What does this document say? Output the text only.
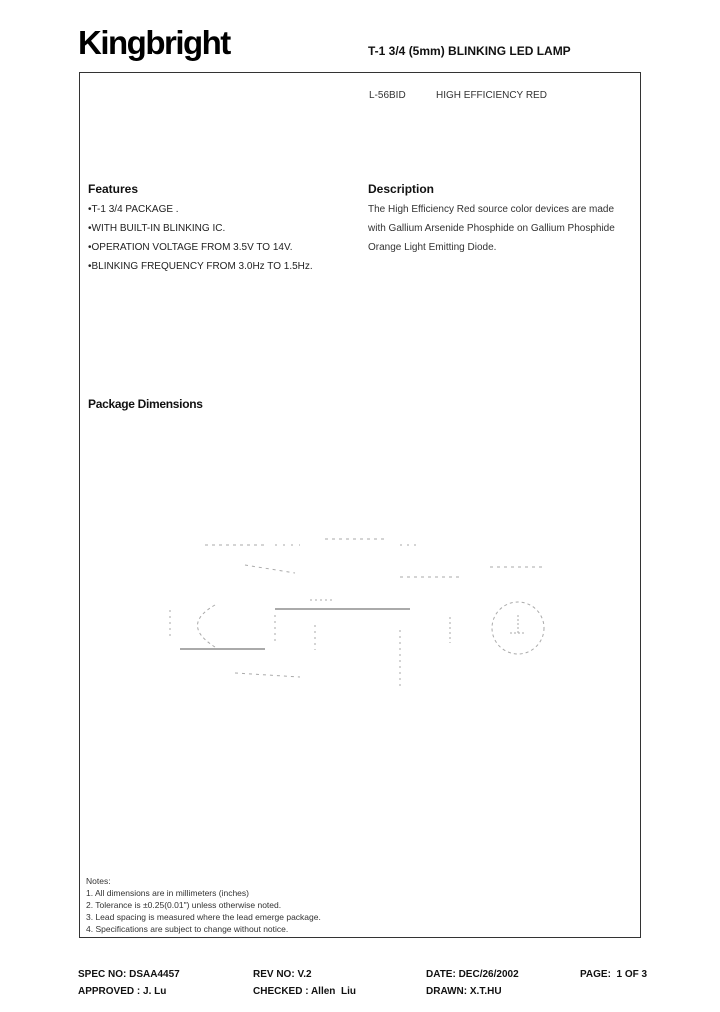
Kingbright	T-1 3/4 (5mm) BLINKING LED LAMP
L-56BID	HIGH EFFICIENCY RED
Features
•T-1 3/4 PACKAGE .
•WITH BUILT-IN BLINKING IC.
•OPERATION VOLTAGE FROM 3.5V TO 14V.
•BLINKING FREQUENCY FROM 3.0Hz TO 1.5Hz.
Description
The High Efficiency Red source color devices are made
with Gallium Arsenide Phosphide on Gallium Phosphide
Orange Light Emitting Diode.
Package Dimensions
Notes:
1. All dimensions are in millimeters (inches)
2. Tolerance is ±0.25(0.01") unless otherwise noted.
3. Lead spacing is measured where the lead emerge package.
4. Specifications are subject to change without notice.
SPEC NO: DSAA4457	REV NO: V.2	DATE: DEC/26/2002	PAGE:  1 OF 3
APPROVED : J. Lu	CHECKED : Allen  Liu	DRAWN: X.T.HU
